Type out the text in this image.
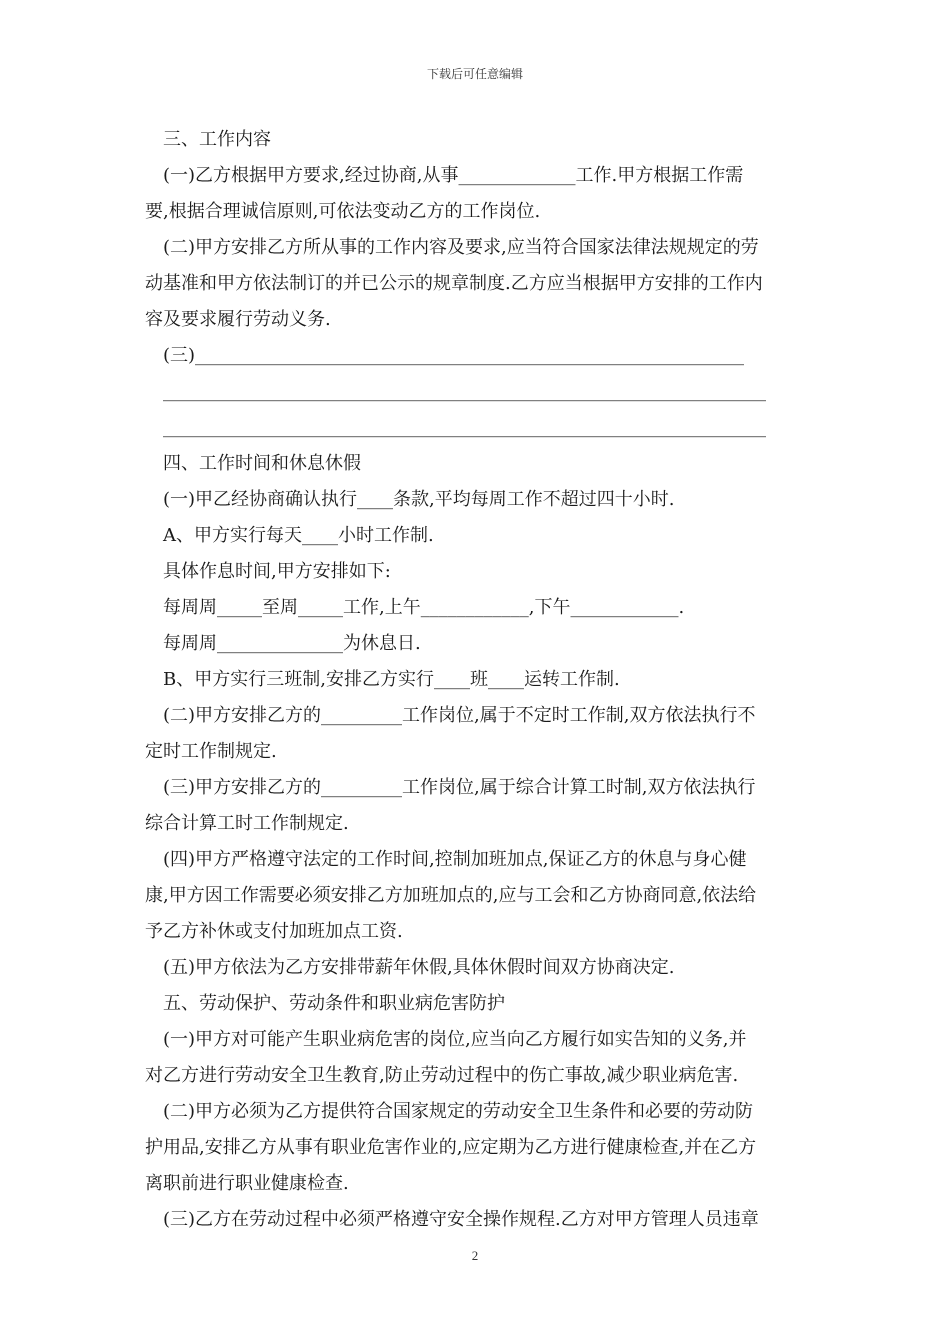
下载后可任意编辑
三、工作内容
(一)乙方根据甲方要求,经过协商,从事_____________工作.甲方根据工作需
要,根据合理诚信原则,可依法变动乙方的工作岗位.
(二)甲方安排乙方所从事的工作内容及要求,应当符合国家法律法规规定的劳
动基准和甲方依法制订的并已公示的规章制度.乙方应当根据甲方安排的工作内
容及要求履行劳动义务.
(三)_____________________________________________________________
___________________________________________________________________
___________________________________________________________________
四、工作时间和休息休假
(一)甲乙经协商确认执行____条款,平均每周工作不超过四十小时.
A、甲方实行每天____小时工作制.
具体作息时间,甲方安排如下:
每周周_____至周_____工作,上午____________,下午____________.
每周周______________为休息日.
B、甲方实行三班制,安排乙方实行____班____运转工作制.
(二)甲方安排乙方的_________工作岗位,属于不定时工作制,双方依法执行不
定时工作制规定.
(三)甲方安排乙方的_________工作岗位,属于综合计算工时制,双方依法执行
综合计算工时工作制规定.
(四)甲方严格遵守法定的工作时间,控制加班加点,保证乙方的休息与身心健
康,甲方因工作需要必须安排乙方加班加点的,应与工会和乙方协商同意,依法给
予乙方补休或支付加班加点工资.
(五)甲方依法为乙方安排带薪年休假,具体休假时间双方协商决定.
五、劳动保护、劳动条件和职业病危害防护
(一)甲方对可能产生职业病危害的岗位,应当向乙方履行如实告知的义务,并
对乙方进行劳动安全卫生教育,防止劳动过程中的伤亡事故,减少职业病危害.
(二)甲方必须为乙方提供符合国家规定的劳动安全卫生条件和必要的劳动防
护用品,安排乙方从事有职业危害作业的,应定期为乙方进行健康检查,并在乙方
离职前进行职业健康检查.
(三)乙方在劳动过程中必须严格遵守安全操作规程.乙方对甲方管理人员违章
2
